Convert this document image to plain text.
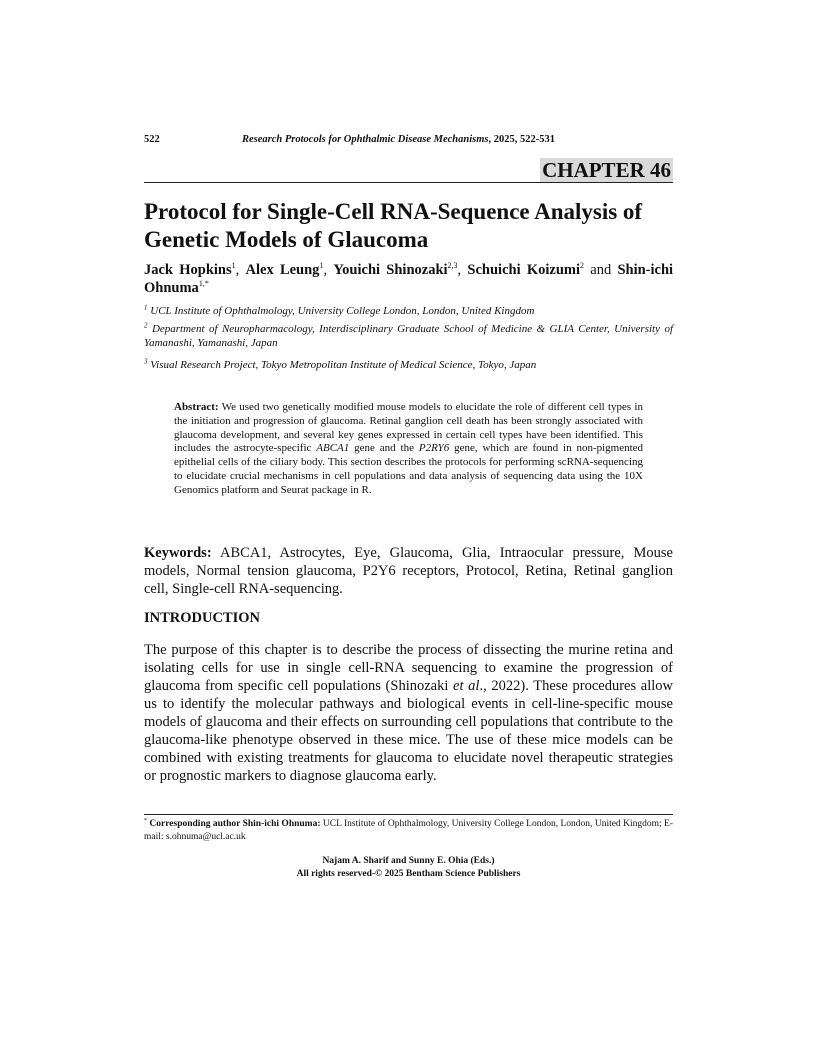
522	Research Protocols for Ophthalmic Disease Mechanisms, 2025, 522-531
CHAPTER 46
Protocol for Single-Cell RNA-Sequence Analysis of Genetic Models of Glaucoma
Jack Hopkins$^1$, Alex Leung$^1$, Youichi Shinozaki$^{2,3}$, Schuichi Koizumi$^2$ and Shin-ichi Ohnuma$^{1,*}$
$^1$ UCL Institute of Ophthalmology, University College London, London, United Kingdom
$^2$ Department of Neuropharmacology, Interdisciplinary Graduate School of Medicine & GLIA Center, University of Yamanashi, Yamanashi, Japan
$^3$ Visual Research Project, Tokyo Metropolitan Institute of Medical Science, Tokyo, Japan
Abstract: We used two genetically modified mouse models to elucidate the role of different cell types in the initiation and progression of glaucoma. Retinal ganglion cell death has been strongly associated with glaucoma development, and several key genes expressed in certain cell types have been identified. This includes the astrocyte-specific ABCA1 gene and the P2RY6 gene, which are found in non-pigmented epithelial cells of the ciliary body. This section describes the protocols for performing scRNA-sequencing to elucidate crucial mechanisms in cell populations and data analysis of sequencing data using the 10X Genomics platform and Seurat package in R.
Keywords: ABCA1, Astrocytes, Eye, Glaucoma, Glia, Intraocular pressure, Mouse models, Normal tension glaucoma, P2Y6 receptors, Protocol, Retina, Retinal ganglion cell, Single-cell RNA-sequencing.
INTRODUCTION

The purpose of this chapter is to describe the process of dissecting the murine retina and isolating cells for use in single cell-RNA sequencing to examine the progression of glaucoma from specific cell populations (Shinozaki et al., 2022). These procedures allow us to identify the molecular pathways and biological events in cell-line-specific mouse models of glaucoma and their effects on surrounding cell populations that contribute to the glaucoma-like phenotype observed in these mice. The use of these mice models can be combined with existing treatments for glaucoma to elucidate novel therapeutic strategies or prognostic markers to diagnose glaucoma early.

* Corresponding author Shin-ichi Ohnuma: UCL Institute of Ophthalmology, University College London, London, United Kingdom; E-mail: s.ohnuma@ucl.ac.uk
Najam A. Sharif and Sunny E. Ohia (Eds.)
All rights reserved-© 2025 Bentham Science Publishers
